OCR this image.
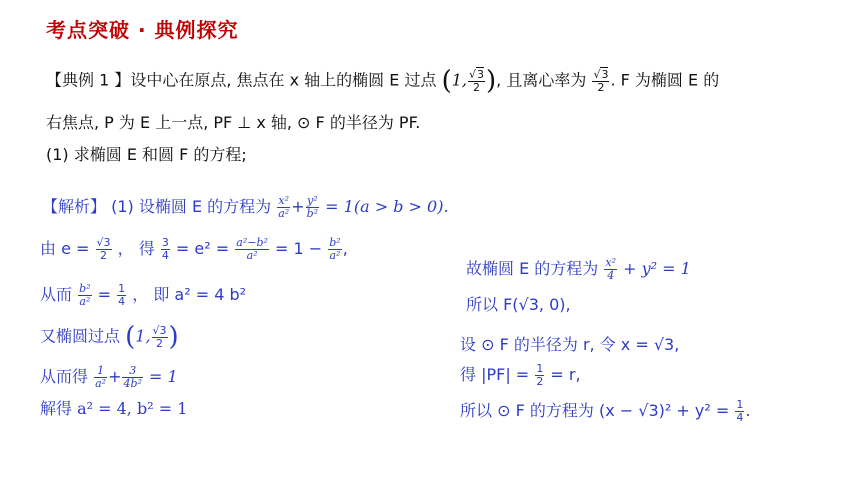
考点突破 · 典例探究
【典例 1 】设中心在原点, 焦点在 x 轴上的椭圆 E 过点 (1, $\frac{√3}{2}$ ), 且离心率为 $\frac{√3}{2}$ . F 为椭圆 E 的
右焦点, P 为 E 上一点, PF ⊥ x 轴, ⊙ F 的半径为 PF.
(1) 求椭圆 E 和圆 F 的方程;
【解析】 (1) 设椭圆 E 的方程为 $\frac{\text{x²}}{\text{a²}} + \frac{\text{y²}}{\text{b²}} = 1(a > b > 0)$.
由 $e = \frac{√3}{2}$ ， 得 $\frac{3}{4} = e^2 = \frac{\text{a²−b²}}{\text{a²}} = 1 - \frac{\text{b²}}{\text{a²}}$ ,
从而 $\frac{\text{b²}}{\text{a²}} = \frac{1}{4}$ ， 即 a² = 4 b²
又椭圆过点 (1, $\frac{√3}{2}$ )
从而得 $\frac{1}{\text{a²}} + \frac{3}{\text{4b²}} = 1$
解得 a² = 4, b² = 1
故椭圆 E 的方程为 $\frac{\text{x²}}{4} + y^2 = 1$
所以 F(√3, 0),
设 ⊙ F 的半径为 r, 令 x = √3,
得 $|PF| = \frac{1}{2} = r$,
所以 ⊙ F 的方程为 $(x - √3)^2 + y^2 = \frac{1}{4}$ .
